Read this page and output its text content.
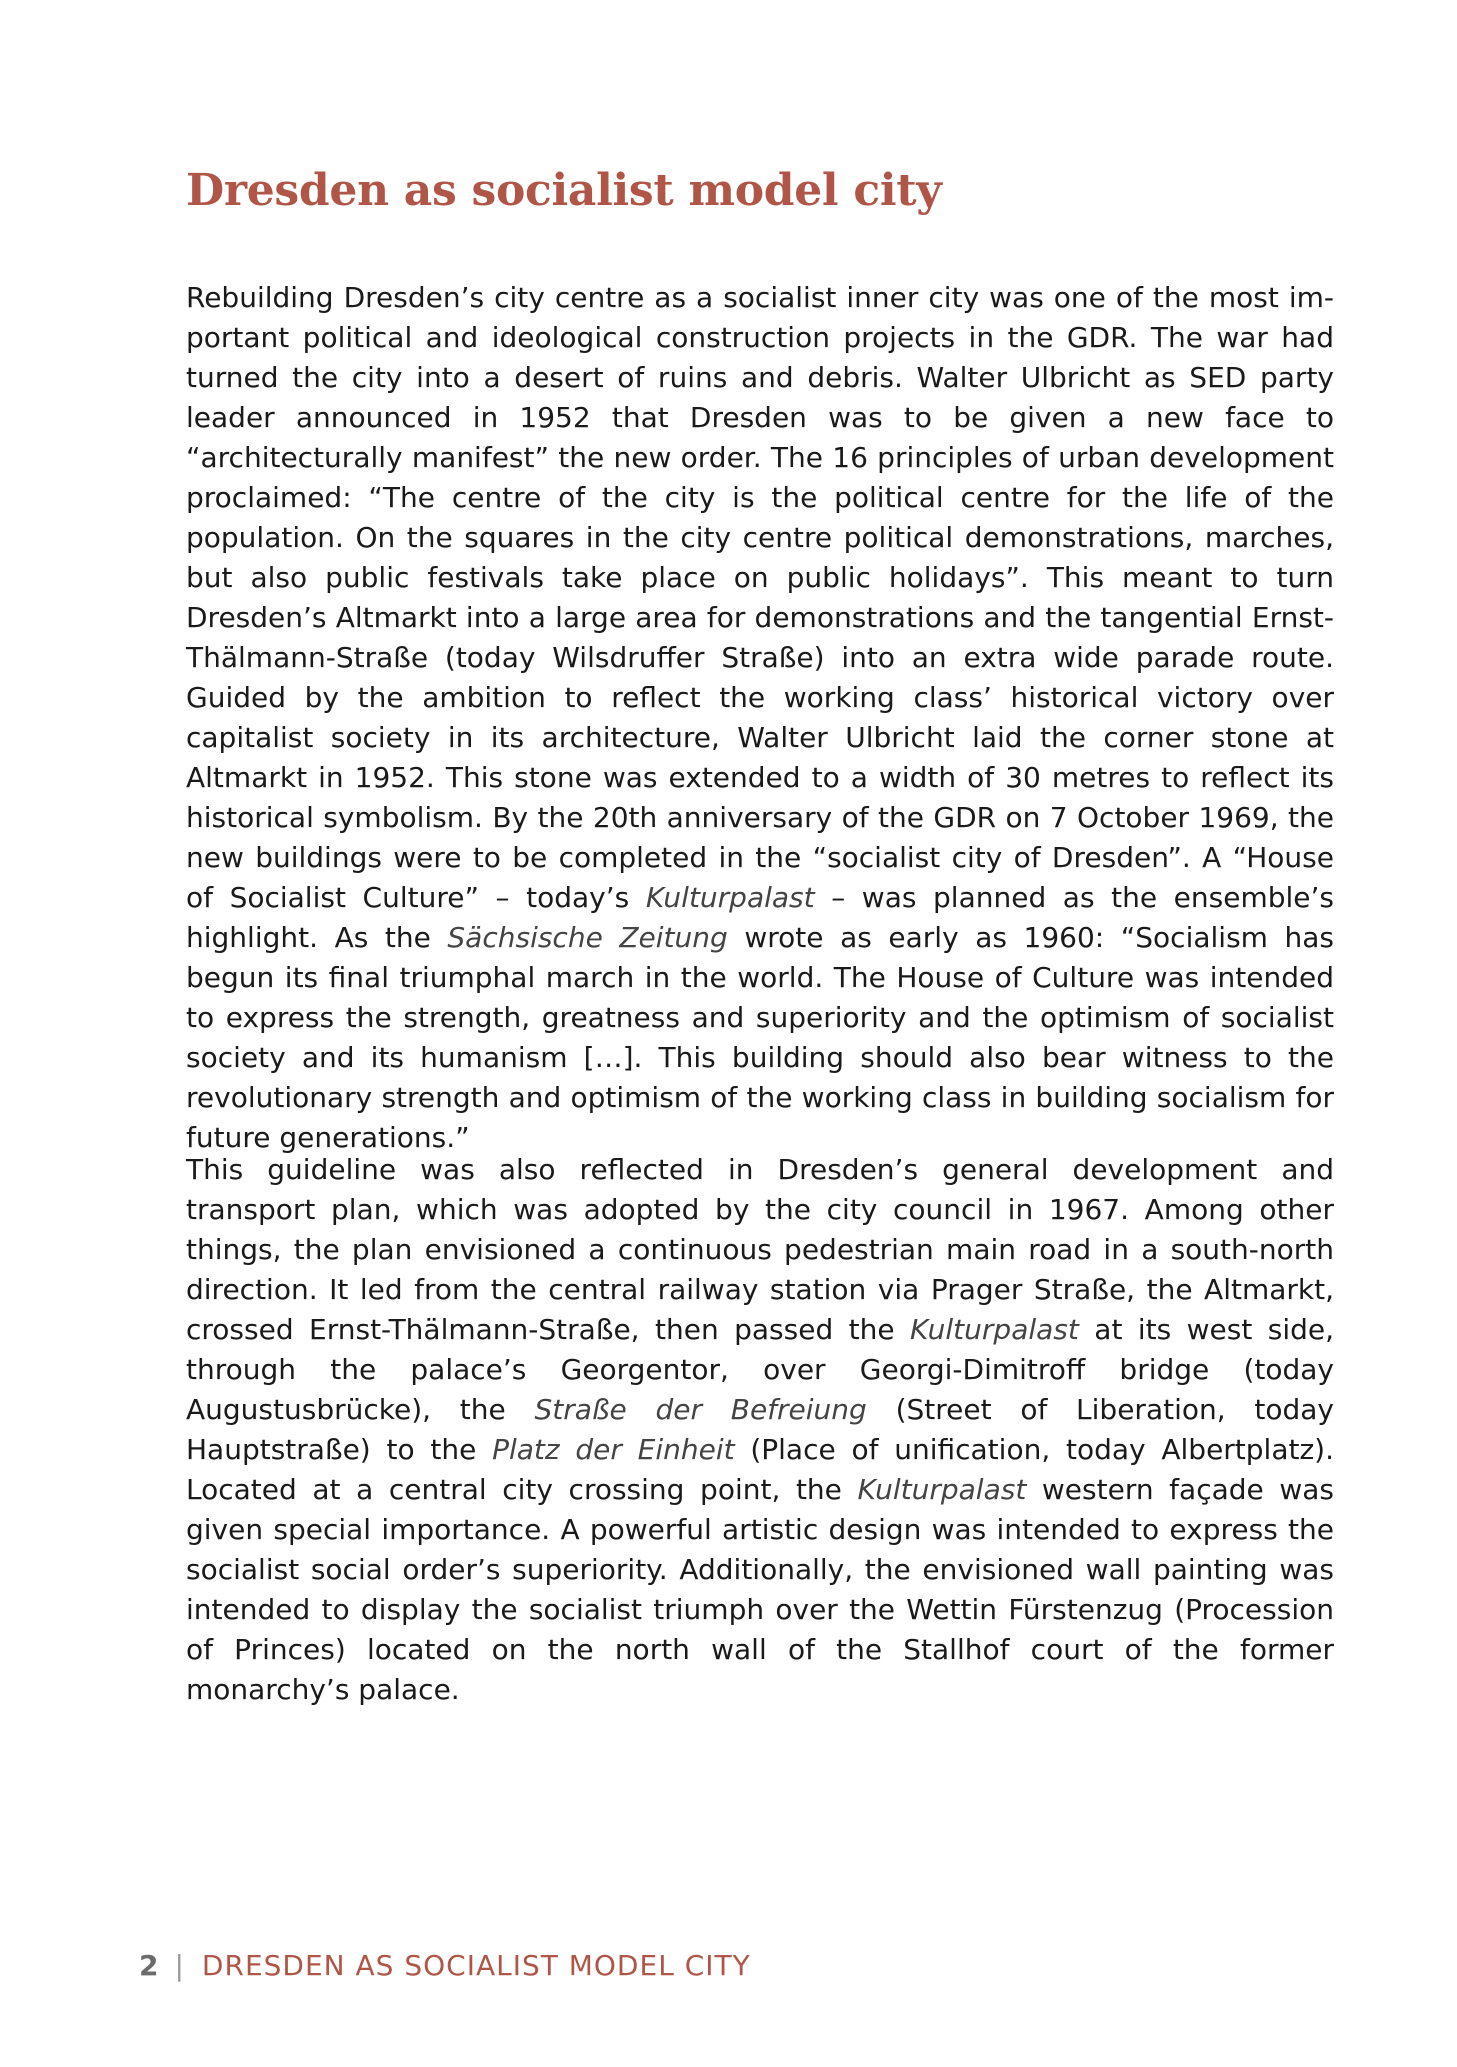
Dresden as socialist model city

Rebuilding Dresden’s city centre as a socialist inner city was one of the most important political and ideological construction projects in the GDR. The war had turned the city into a desert of ruins and debris. Walter Ulbricht as SED party leader announced in 1952 that Dresden was to be given a new face to “architecturally manifest” the new order. The 16 principles of urban development proclaimed: “The centre of the city is the political centre for the life of the population. On the squares in the city centre political demonstrations, marches, but also public festivals take place on public holidays”. This meant to turn Dresden’s Altmarkt into a large area for demonstrations and the tangential Ernst-Thälmann-Straße (today Wilsdruffer Straße) into an extra wide parade route. Guided by the ambition to reflect the working class’ historical victory over capitalist society in its architecture, Walter Ulbricht laid the corner stone at Altmarkt in 1952. This stone was extended to a width of 30 metres to reflect its historical symbolism. By the 20th anniversary of the GDR on 7 October 1969, the new buildings were to be completed in the “socialist city of Dresden”. A “House of Socialist Culture” – today’s Kulturpalast – was planned as the ensemble’s highlight. As the Sächsische Zeitung wrote as early as 1960: “Socialism has begun its final triumphal march in the world. The House of Culture was intended to express the strength, greatness and superiority and the optimism of socialist society and its humanism […]. This building should also bear witness to the revolutionary strength and optimism of the working class in building socialism for future generations.”

This guideline was also reflected in Dresden’s general development and transport plan, which was adopted by the city council in 1967. Among other things, the plan envisioned a continuous pedestrian main road in a south-north direction. It led from the central railway station via Prager Straße, the Altmarkt, crossed Ernst-Thälmann-Straße, then passed the Kulturpalast at its west side, through the palace’s Georgentor, over Georgi-Dimitroff bridge (today Augustusbrücke), the Straße der Befreiung (Street of Liberation, today Hauptstraße) to the Platz der Einheit (Place of unification, today Albertplatz). Located at a central city crossing point, the Kulturpalast western façade was given special importance. A powerful artistic design was intended to express the socialist social order’s superiority. Additionally, the envisioned wall painting was intended to display the socialist triumph over the Wettin Fürstenzug (Procession of Princes) located on the north wall of the Stallhof court of the former monarchy’s palace.

2 | DRESDEN AS SOCIALIST MODEL CITY
